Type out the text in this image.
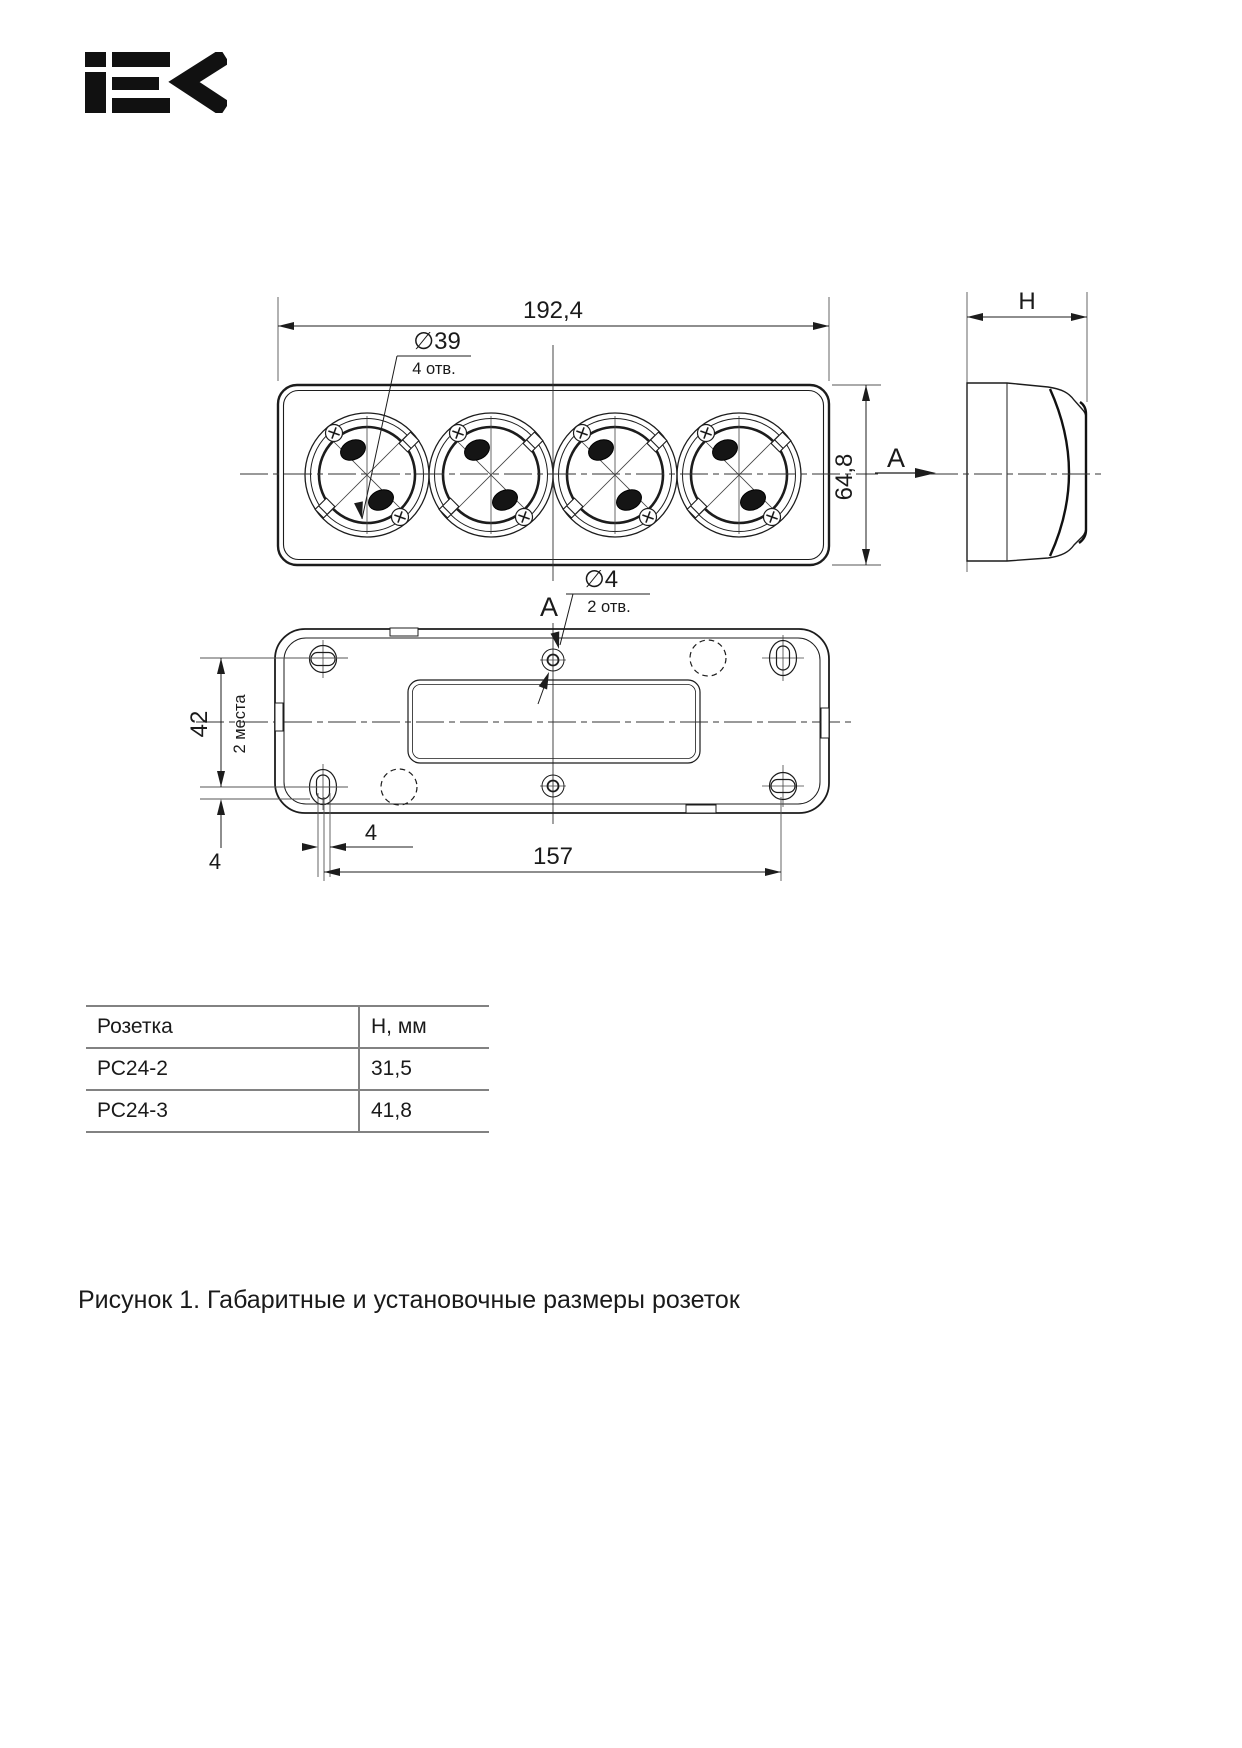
192,4
∅39
4 отв.
64,8 A
H
A
∅4
2 отв.
42 2 места
4
4
157
Розетка	Н, мм
РС24-2	31,5
РС24-3	41,8
Рисунок 1. Габаритные и установочные размеры розеток
